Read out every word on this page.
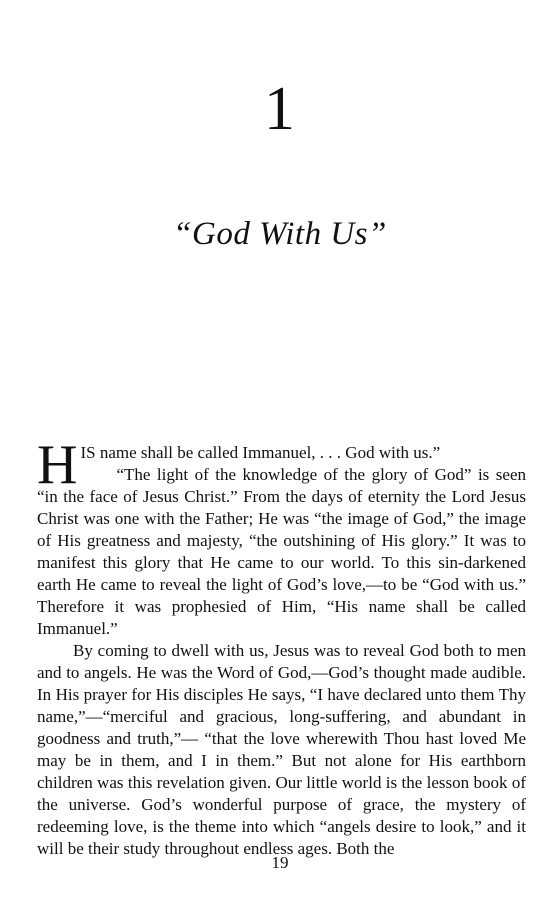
1
“God With Us”

HIS name shall be called Immanuel, . . . God with us.”
“The light of the knowledge of the glory of God” is seen “in the face of Jesus Christ.” From the days of eternity the Lord Jesus Christ was one with the Father; He was “the image of God,” the image of His greatness and majesty, “the outshining of His glory.” It was to manifest this glory that He came to our world. To this sin-darkened earth He came to reveal the light of God’s love,—to be “God with us.” Therefore it was prophesied of Him, “His name shall be called Immanuel.”

By coming to dwell with us, Jesus was to reveal God both to men and to angels. He was the Word of God,—God’s thought made audible. In His prayer for His disciples He says, “I have declared unto them Thy name,”—“merciful and gracious, long-suffering, and abundant in goodness and truth,”— “that the love wherewith Thou hast loved Me may be in them, and I in them.” But not alone for His earthborn children was this revelation given. Our little world is the lesson book of the universe. God’s wonderful purpose of grace, the mystery of redeeming love, is the theme into which “angels desire to look,” and it will be their study throughout endless ages. Both the

19
